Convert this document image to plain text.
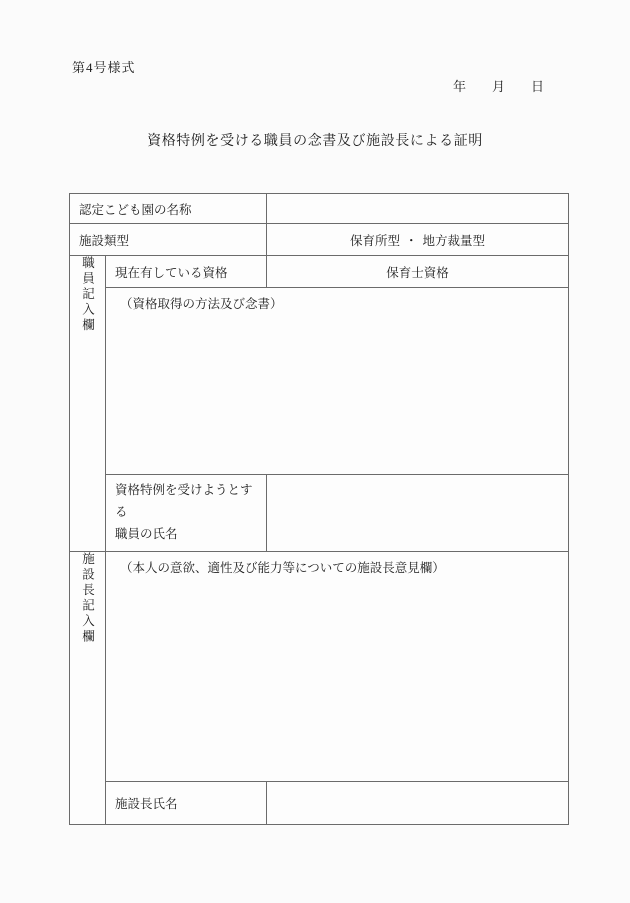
第4号様式
年 月 日
資格特例を受ける職員の念書及び施設長による証明
認定こども園の名称		

施設類型		保育所型 ・ 地方裁量型

職員記入欄	現在有している資格	保育士資格

	（資格取得の方法及び念書）	

	資格特例を受けようとする
職員の氏名	

施設長記入欄	（本人の意欲、適性及び能力等についての施設長意見欄）	

施設長氏名	
